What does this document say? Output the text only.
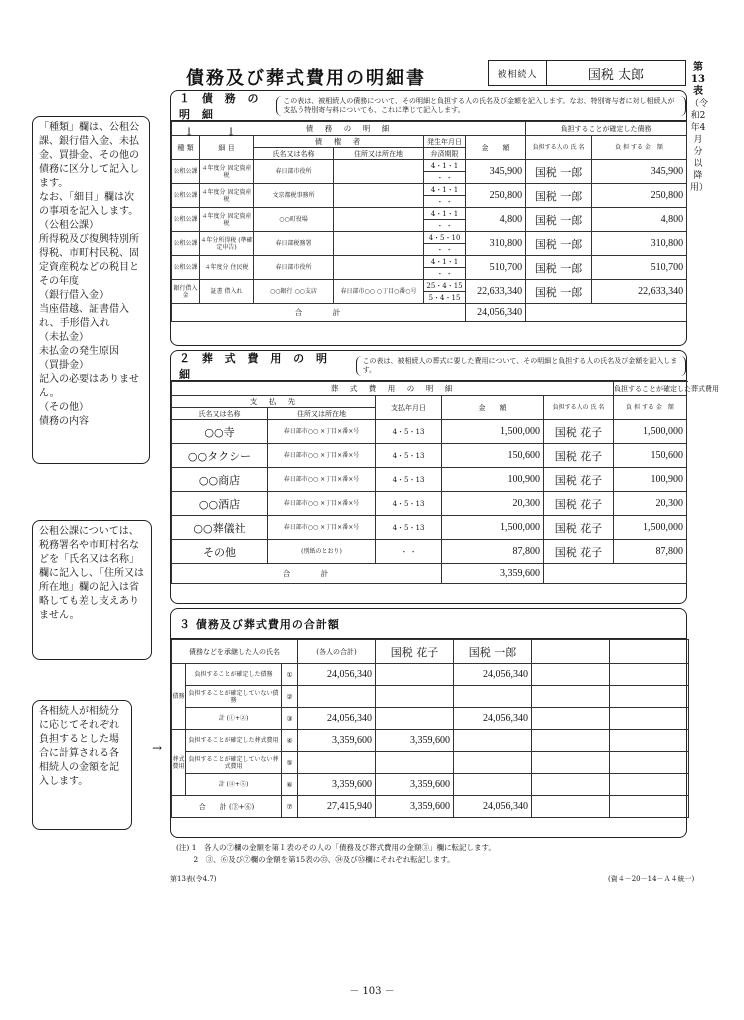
債務及び葬式費用の明細書	被相続人	国税 太郎	第13表
（令和2年4月分以降用）
１ 債 務 の 明 細
この表は、被相続人の債務について、その明細と負担する人の氏名及び金額を記入します。なお、特別寄与者に対し相続人が支払う特別寄与料についても、これに準じて記入します。
債　務　の　明　細						負担することが確定した債務	
種 類	細 目	債　権　者		発生年月日	金　　額	負担する人の 氏 名	負 担 する 金　額
		氏名又は名称	住所又は所在地	弁済期限			
公租公課	４年度分 固定資産税	春日部市役所		4・1・1	345,900	国税 一郎	345,900
				・ ・			
公租公課	４年度分 固定資産税	文京都税事務所		4・1・1	250,800	国税 一郎	250,800
				・ ・			
公租公課	４年度分 固定資産税	○○町役場		4・1・1	4,800	国税 一郎	4,800
				・ ・			
公租公課	４年分所得税 (準確定申告)	春日部税務署		4・5・10	310,800	国税 一郎	310,800
				・ ・			
公租公課	４年度分 住民税	春日部市役所		4・1・1	510,700	国税 一郎	510,700
				・ ・			
銀行借入金	証書 借入れ	○○銀行 ○○支店	春日部市○○ ○丁目○番○号	25・4・15	22,633,340	国税 一郎	22,633,340
				5・4・15			
合　　　計					24,056,340		
２ 葬 式 費 用 の 明 細
この表は、被相続人の葬式に要した費用について、その明細と負担する人の氏名及び金額を記入します。
葬　式　費　用　の　明　細					負担することが確定した葬式費用
支　払　先		支払年月日	金　　額	負担する人の 氏 名	負 担 する 金　額
氏名又は名称	住所又は所在地				
○○寺	春日部市○○ ×丁目×番×号	4・5・13	1,500,000	国税 花子	1,500,000
○○タクシー	春日部市○○ ×丁目×番×号	4・5・13	150,600	国税 花子	150,600
○○商店	春日部市○○ ×丁目×番×号	4・5・13	100,900	国税 花子	100,900
○○酒店	春日部市○○ ×丁目×番×号	4・5・13	20,300	国税 花子	20,300
○○葬儀社	春日部市○○ ×丁目×番×号	4・5・13	1,500,000	国税 花子	1,500,000
その他	(別紙のとおり)	・ ・	87,800	国税 花子	87,800
合　　　計			3,359,600		
３ 債務及び葬式費用の合計額
債務などを承継した人の氏名			(各人の合計)	国税 花子	国税 一郎		
債務	負担することが確定した債務	①	24,056,340		24,056,340		
	負担することが確定していない債務	②					
	計 (①+②)	③	24,056,340		24,056,340		
葬式費用	負担することが確定した葬式費用	④	3,359,600	3,359,600			
	負担することが確定していない葬式費用	⑤					
	計 (④+⑤)	⑥	3,359,600	3,359,600			
合　　計 (③+⑥)		⑦	27,415,940	3,359,600	24,056,340		
(注) 1　各人の⑦欄の金額を第１表のその人の「債務及び葬式費用の金額③」欄に転記します。
　　 2　③、⑥及び⑦欄の金額を第15表の㉝、㉞及び㉟欄にそれぞれ転記します。
第13表(令4.7)	(資４－20－14－Ａ４統一)
－ 103 －
「種類」欄は、公租公課、銀行借入金、未払金、買掛金、その他の債務に区分して記入します。
なお、「細目」欄は次の事項を記入します。
（公租公課）
所得税及び復興特別所得税、市町村民税、固定資産税などの税目とその年度
（銀行借入金）
当座借越、証書借入れ、手形借入れ
（未払金）
未払金の発生原因
（買掛金）
記入の必要はありません。
（その他）
債務の内容
公租公課については、税務署名や市町村名などを「氏名又は名称」欄に記入し、「住所又は所在地」欄の記入は省略しても差し支えありません。
各相続人が相続分に応じてそれぞれ負担するとした場合に計算される各相続人の金額を記入します。
↓	↓
→
